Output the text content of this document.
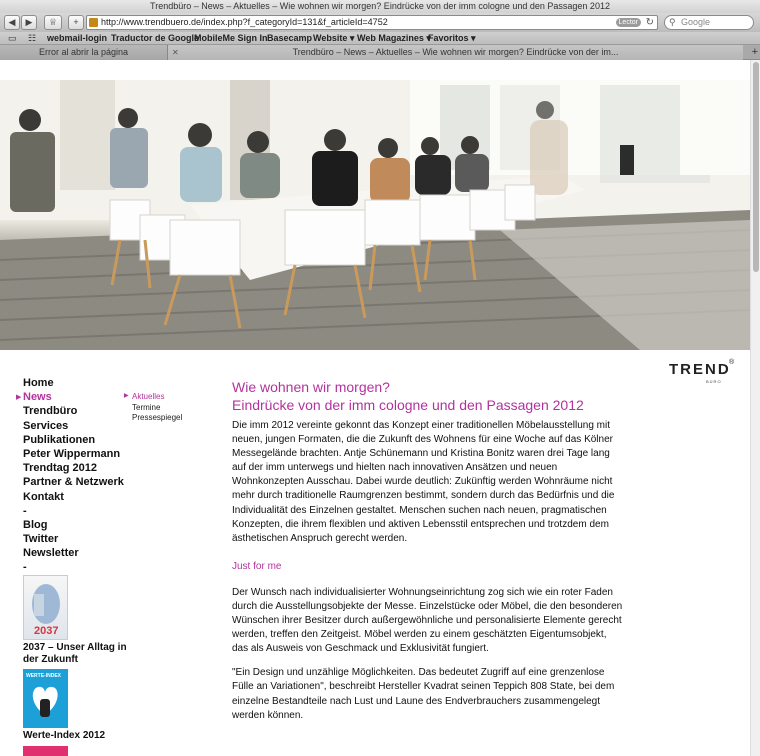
Trendbüro – News – Aktuelles – Wie wohnen wir morgen? Eindrücke von der imm cologne und den Passagen 2012
◀	▶	♕	+	http://www.trendbuero.de/index.php?f_categoryId=131&f_articleId=4752	Lector ↻ ⚲ Google
▭ ☷ webmail-login Traductor de Google
MobileMe Sign In Basecamp Website ▾ Web Magazines ▾
Favoritos ▾
Error al abrir la página	✕	Trendbüro – News – Aktuelles – Wie wohnen wir morgen? Eindrücke von der im...	+
TREND
®
BÜRO
Home
▶ News
Trendbüro
Services
Publikationen
Peter Wippermann
Trendtag 2012
Partner & Netzwerk
Kontakt
-
Blog
Twitter
Newsletter
-
▶ Aktuelles
Termine
Pressespiegel
2037
2037 – Unser Alltag in der Zukunft
WERTE-INDEX
Werte-Index 2012
Wie wohnen wir morgen?
Eindrücke von der imm cologne und den Passagen 2012

Die imm 2012 vereinte gekonnt das Konzept einer traditionellen Möbelausstellung mit neuen, jungen Formaten, die die Zukunft des Wohnens für eine Woche auf das Kölner Messegelände brachten. Antje Schünemann und Kristina Bonitz waren drei Tage lang auf der imm unterwegs und hielten nach innovativen Ansätzen und neuen Wohnkonzepten Ausschau. Dabei wurde deutlich: Zukünftig werden Wohnräume nicht mehr durch traditionelle Raumgrenzen bestimmt, sondern durch das Bedürfnis und die Individualität des Einzelnen gestaltet. Menschen suchen nach neuen, pragmatischen Konzepten, die ihrem flexiblen und aktiven Lebensstil entsprechen und trotzdem dem ästhetischen Anspruch gerecht werden.

Just for me

Der Wunsch nach individualisierter Wohnungseinrichtung zog sich wie ein roter Faden durch die Ausstellungsobjekte der Messe. Einzelstücke oder Möbel, die den besonderen Wünschen ihrer Besitzer durch außergewöhnliche und personalisierte Elemente gerecht werden, treffen den Zeitgeist. Möbel werden zu einem geschätzten Eigentumsobjekt, das als Ausweis von Geschmack und Exklusivität fungiert.

"Ein Design und unzählige Möglichkeiten. Das bedeutet Zugriff auf eine grenzenlose Fülle an Variationen", beschreibt Hersteller Kvadrat seinen Teppich 808 State, bei dem einzelne Bestandteile nach Lust und Laune des Endverbrauchers zusammengelegt werden können.
